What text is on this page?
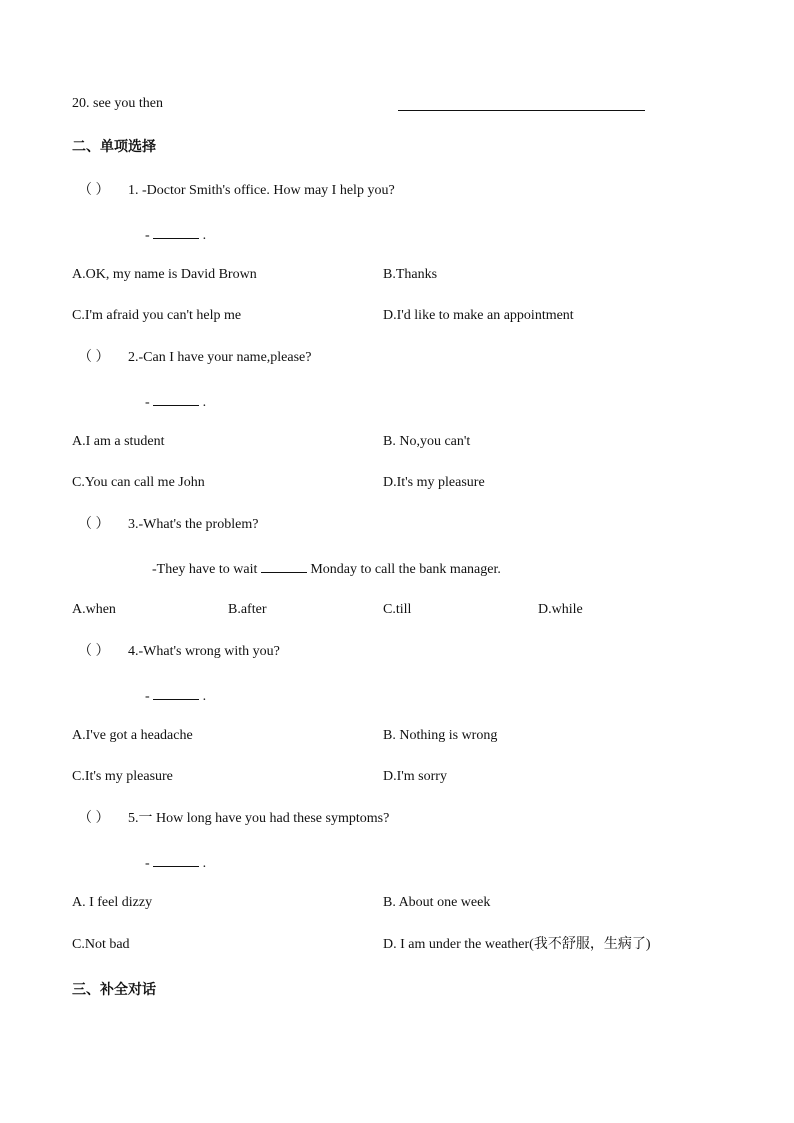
20. see you then
二、单项选择
（ ） 1. -Doctor Smith's office. How may I help you?
-	.
A.OK, my name is David Brown	B.Thanks
C.I'm afraid you can't help me	D.I'd like to make an appointment
（ ） 2.-Can I have your name,please?
-	.
A.I am a student	B. No,you can't
C.You can call me John	D.It's my pleasure
（ ） 3.-What's the problem?
-They have to wait	Monday to call the bank manager.
A.when	B.after	C.till	D.while
（ ） 4.-What's wrong with you?
-	.
A.I've got a headache	B. Nothing is wrong
C.It's my pleasure	D.I'm sorry
（ ） 5.一 How long have you had these symptoms?
-	.
A. I feel dizzy	B. About one week
C.Not bad	D. I am under the weather(我不舒服，生病了)
三、补全对话
